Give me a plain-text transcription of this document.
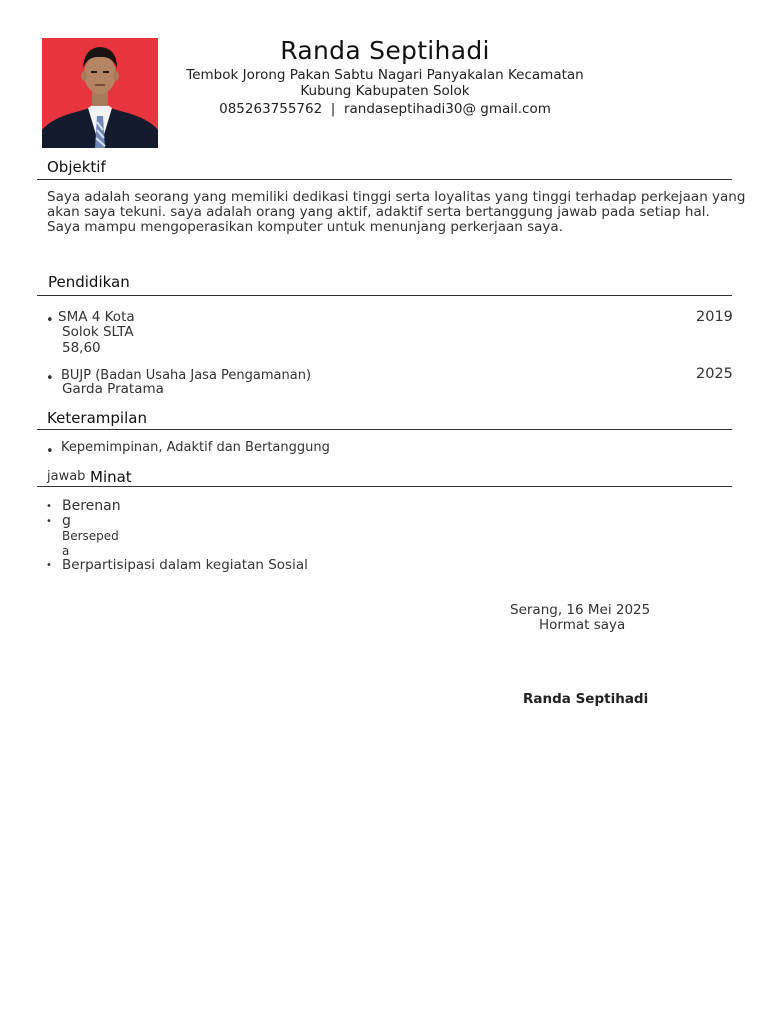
Randa Septihadi
Tembok Jorong Pakan Sabtu Nagari Panyakalan Kecamatan
Kubung Kabupaten Solok
085263755762 | randaseptihadi30@ gmail.com
Objektif
Saya adalah seorang yang memiliki dedikasi tinggi serta loyalitas yang tinggi terhadap perkejaan yang akan saya tekuni. saya adalah orang yang aktif, adaktif serta bertanggung jawab pada setiap hal. Saya mampu mengoperasikan komputer untuk menunjang perkerjaan saya.
Pendidikan
• SMA 4 Kota
Solok SLTA
58,60
2019
• BUJP (Badan Usaha Jasa Pengamanan)
Garda Pratama
2025
Keterampilan
• Kepemimpinan, Adaktif dan Bertanggung
jawab Minat
• Berenan
g
•
Berseped
a
• Berpartisipasi dalam kegiatan Sosial
Serang, 16 Mei 2025
Hormat saya
Randa Septihadi
